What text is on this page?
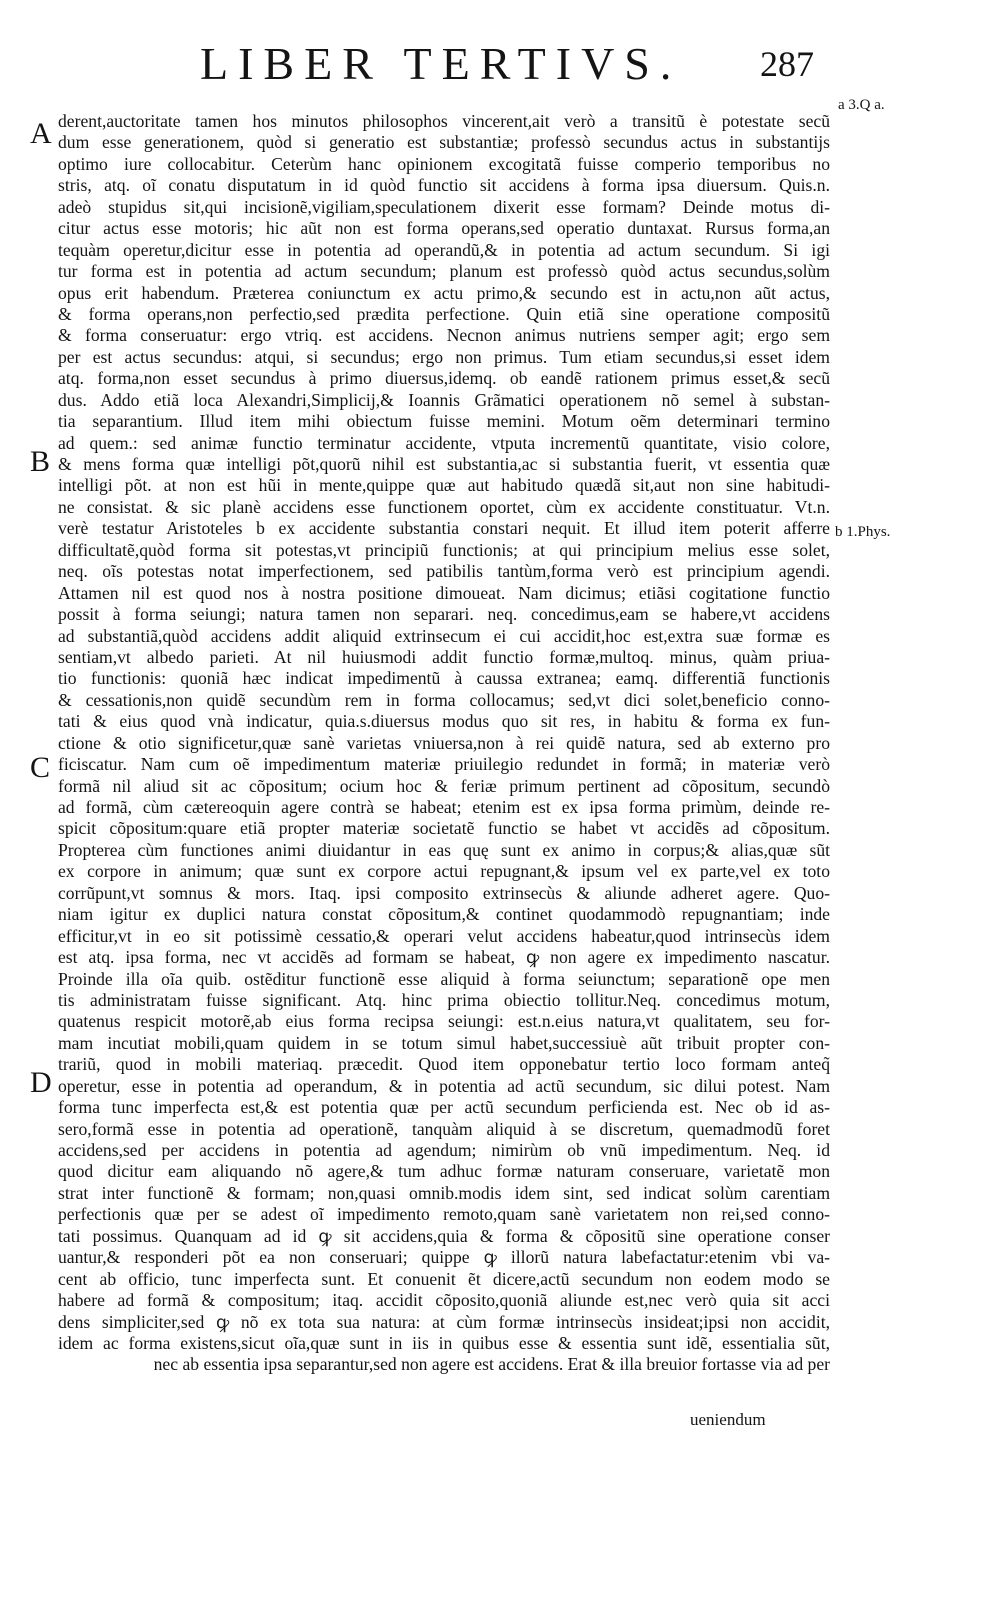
LIBER TERTIVS. 287
A
B
C
D
a 3.Q a.
b 1.Phys.
derent,auctoritate tamen hos minutos philosophos vincerent,ait verò a transitũ è potestate secũ
dum esse generationem, quòd si generatio est substantiæ; professò secundus actus in substantijs
optimo iure collocabitur. Ceterùm hanc opinionem excogitatã fuisse comperio temporibus no
stris, atq. oĩ conatu disputatum in id quòd functio sit accidens à forma ipsa diuersum. Quis.n.
adeò stupidus sit,qui incisionẽ,vigiliam,speculationem dixerit esse formam? Deinde motus di-
citur actus esse motoris; hic aũt non est forma operans,sed operatio duntaxat. Rursus forma,an
tequàm operetur,dicitur esse in potentia ad operandũ,& in potentia ad actum secundum. Si igi
tur forma est in potentia ad actum secundum; planum est professò quòd actus secundus,solùm
opus erit habendum. Præterea coniunctum ex actu primo,& secundo est in actu,non aũt actus,
& forma operans,non perfectio,sed prædita perfectione. Quin etiã sine operatione compositũ
& forma conseruatur: ergo vtriq. est accidens. Necnon animus nutriens semper agit; ergo sem
per est actus secundus: atqui, si secundus; ergo non primus. Tum etiam secundus,si esset idem
atq. forma,non esset secundus à primo diuersus,idemq. ob eandẽ rationem primus esset,& secũ
dus. Addo etiã loca Alexandri,Simplicij,& Ioannis Grãmatici operationem nõ semel à substan-
tia separantium. Illud item mihi obiectum fuisse memini. Motum oẽm determinari termino
ad quem.: sed animæ functio terminatur accidente, vtputa incrementũ quantitate, visio colore,
& mens forma quæ intelligi põt,quorũ nihil est substantia,ac si substantia fuerit, vt essentia quæ
intelligi põt. at non est hũi in mente,quippe quæ aut habitudo quædã sit,aut non sine habitudi-
ne consistat. & sic planè accidens esse functionem oportet, cùm ex accidente constituatur. Vt.n.
verè testatur Aristoteles b ex accidente substantia constari nequit. Et illud item poterit afferre
difficultatẽ,quòd forma sit potestas,vt principiũ functionis; at qui principium melius esse solet,
neq. oĩs potestas notat imperfectionem, sed patibilis tantùm,forma verò est principium agendi.
Attamen nil est quod nos à nostra positione dimoueat. Nam dicimus; etiãsi cogitatione functio
possit à forma seiungi; natura tamen non separari. neq. concedimus,eam se habere,vt accidens
ad substantiã,quòd accidens addit aliquid extrinsecum ei cui accidit,hoc est,extra suæ formæ es
sentiam,vt albedo parieti. At nil huiusmodi addit functio formæ,multoq. minus, quàm priua-
tio functionis: quoniã hæc indicat impedimentũ à caussa extranea; eamq. differentiã functionis
& cessationis,non quidẽ secundùm rem in forma collocamus; sed,vt dici solet,beneficio conno-
tati & eius quod vnà indicatur, quia.s.diuersus modus quo sit res, in habitu & forma ex fun-
ctione & otio significetur,quæ sanè varietas vniuersa,non à rei quidẽ natura, sed ab externo pro
ficiscatur. Nam cum oẽ impedimentum materiæ priuilegio redundet in formã; in materiæ verò
formã nil aliud sit ac cõpositum; ocium hoc & feriæ primum pertinent ad cõpositum, secundò
ad formã, cùm cætereoquin agere contrà se habeat; etenim est ex ipsa forma primùm, deinde re-
spicit cõpositum:quare etiã propter materiæ societatẽ functio se habet vt accidẽs ad cõpositum.
Propterea cùm functiones animi diuidantur in eas quę sunt ex animo in corpus;& alias,quæ sũt
ex corpore in animum; quæ sunt ex corpore actui repugnant,& ipsum vel ex parte,vel ex toto
corrũpunt,vt somnus & mors. Itaq. ipsi composito extrinsecùs & aliunde adheret agere. Quo-
niam igitur ex duplici natura constat cõpositum,& continet quodammodò repugnantiam; inde
efficitur,vt in eo sit potissimè cessatio,& operari velut accidens habeatur,quod intrinsecùs idem
est atq. ipsa forma, nec vt accidẽs ad formam se habeat, ꝙ non agere ex impedimento nascatur.
Proinde illa oĩa quib. ostẽditur functionẽ esse aliquid à forma seiunctum; separationẽ ope men
tis administratam fuisse significant. Atq. hinc prima obiectio tollitur.Neq. concedimus motum,
quatenus respicit motorẽ,ab eius forma recipsa seiungi: est.n.eius natura,vt qualitatem, seu for-
mam incutiat mobili,quam quidem in se totum simul habet,successiuè aũt tribuit propter con-
trariũ, quod in mobili materiaq. præcedit. Quod item opponebatur tertio loco formam anteq̃
operetur, esse in potentia ad operandum, & in potentia ad actũ secundum, sic dilui potest. Nam
forma tunc imperfecta est,& est potentia quæ per actũ secundum perficienda est. Nec ob id as-
sero,formã esse in potentia ad operationẽ, tanquàm aliquid à se discretum, quemadmodũ foret
accidens,sed per accidens in potentia ad agendum; nimirùm ob vnũ impedimentum. Neq. id
quod dicitur eam aliquando nõ agere,& tum adhuc formæ naturam conseruare, varietatẽ mon
strat inter functionẽ & formam; non,quasi omnib.modis idem sint, sed indicat solùm carentiam
perfectionis quæ per se adest oĩ impedimento remoto,quam sanè varietatem non rei,sed conno-
tati possimus. Quanquam ad id ꝙ sit accidens,quia & forma & cõpositũ sine operatione conser
uantur,& responderi põt ea non conseruari; quippe ꝙ illorũ natura labefactatur:etenim vbi va-
cent ab officio, tunc imperfecta sunt. Et conuenit ẽt dicere,actũ secundum non eodem modo se
habere ad formã & compositum; itaq. accidit cõposito,quoniã aliunde est,nec verò quia sit acci
dens simpliciter,sed ꝙ nõ ex tota sua natura: at cùm formæ intrinsecùs insideat;ipsi non accidit,
idem ac forma existens,sicut oĩa,quæ sunt in iis in quibus esse & essentia sunt idẽ, essentialia sũt,
nec ab essentia ipsa separantur,sed non agere est accidens. Erat & illa breuior fortasse via ad per
ueniendum
